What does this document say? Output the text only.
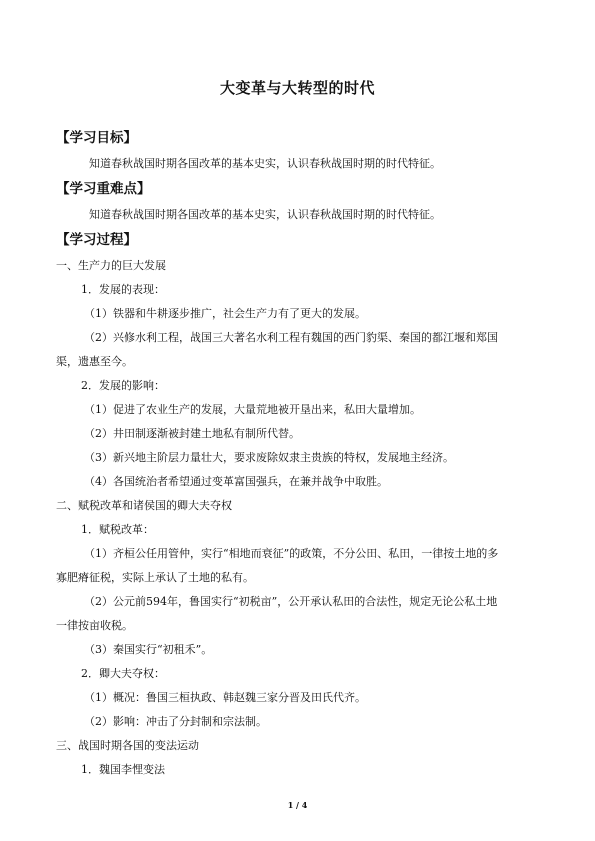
大变革与大转型的时代
【学习目标】
知道春秋战国时期各国改革的基本史实，认识春秋战国时期的时代特征。
【学习重难点】
知道春秋战国时期各国改革的基本史实，认识春秋战国时期的时代特征。
【学习过程】
一、生产力的巨大发展
1．发展的表现：
（1）铁器和牛耕逐步推广，社会生产力有了更大的发展。
（2）兴修水利工程，战国三大著名水利工程有魏国的西门豹渠、秦国的都江堰和郑国
渠，遗惠至今。
2．发展的影响：
（1）促进了农业生产的发展，大量荒地被开垦出来，私田大量增加。
（2）井田制逐渐被封建土地私有制所代替。
（3）新兴地主阶层力量壮大，要求废除奴隶主贵族的特权，发展地主经济。
（4）各国统治者希望通过变革富国强兵，在兼并战争中取胜。
二、赋税改革和诸侯国的卿大夫夺权
1．赋税改革：
（1）齐桓公任用管仲，实行“相地而衰征”的政策，不分公田、私田，一律按土地的多
寡肥瘠征税，实际上承认了土地的私有。
（2）公元前594年，鲁国实行“初税亩”，公开承认私田的合法性，规定无论公私土地
一律按亩收税。
（3）秦国实行“初租禾”。
2．卿大夫夺权：
（1）概况：鲁国三桓执政、韩赵魏三家分晋及田氏代齐。
（2）影响：冲击了分封制和宗法制。
三、战国时期各国的变法运动
1．魏国李悝变法
1 / 4
